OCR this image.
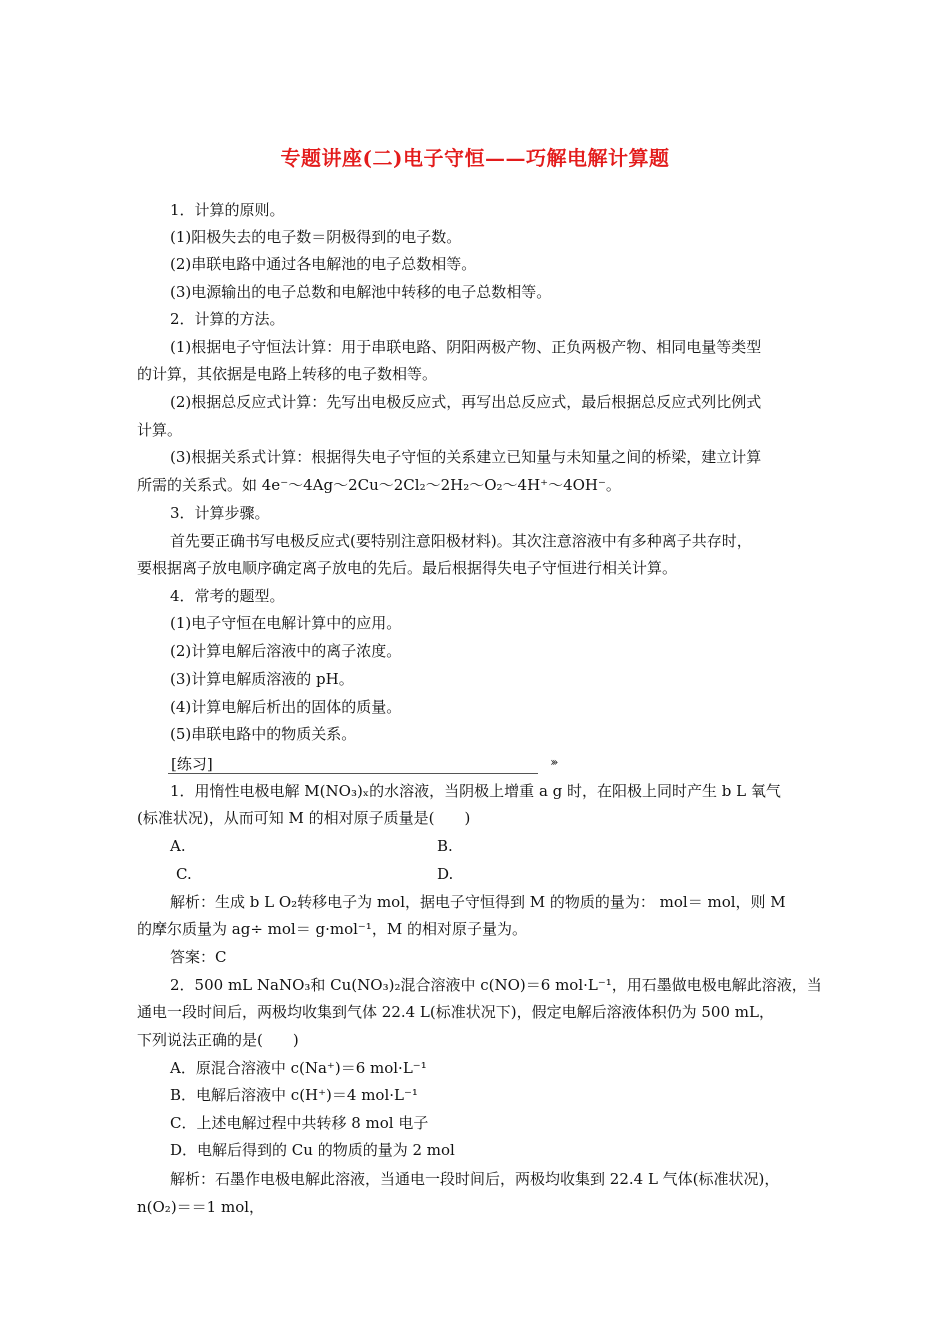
专题讲座(二)电子守恒——巧解电解计算题
1．计算的原则。
(1)阳极失去的电子数＝阴极得到的电子数。
(2)串联电路中通过各电解池的电子总数相等。
(3)电源输出的电子总数和电解池中转移的电子总数相等。
2．计算的方法。
(1)根据电子守恒法计算：用于串联电路、阴阳两极产物、正负两极产物、相同电量等类型
的计算，其依据是电路上转移的电子数相等。
(2)根据总反应式计算：先写出电极反应式，再写出总反应式，最后根据总反应式列比例式
计算。
(3)根据关系式计算：根据得失电子守恒的关系建立已知量与未知量之间的桥梁，建立计算
所需的关系式。如 4e⁻～4Ag～2Cu～2Cl₂～2H₂～O₂～4H⁺～4OH⁻。
3．计算步骤。
首先要正确书写电极反应式(要特别注意阳极材料)。其次注意溶液中有多种离子共存时，
要根据离子放电顺序确定离子放电的先后。最后根据得失电子守恒进行相关计算。
4．常考的题型。
(1)电子守恒在电解计算中的应用。
(2)计算电解后溶液中的离子浓度。
(3)计算电解质溶液的 pH。
(4)计算电解后析出的固体的质量。
(5)串联电路中的物质关系。
[练习]	›››
1．用惰性电极电解 M(NO₃)ₓ的水溶液，当阴极上增重 a g 时，在阳极上同时产生 b L 氧气
(标准状况)，从而可知 M 的相对原子质量是(　　)
A.	B.
C.	D.
解析：生成 b L O₂转移电子为 mol，据电子守恒得到 M 的物质的量为： mol＝ mol，则 M
的摩尔质量为 ag÷ mol＝ g·mol⁻¹，M 的相对原子量为。
答案：C
2．500 mL NaNO₃和 Cu(NO₃)₂混合溶液中 c(NO)＝6 mol·L⁻¹，用石墨做电极电解此溶液，当
通电一段时间后，两极均收集到气体 22.4 L(标准状况下)，假定电解后溶液体积仍为 500 mL，
下列说法正确的是(　　)
A．原混合溶液中 c(Na⁺)＝6 mol·L⁻¹
B．电解后溶液中 c(H⁺)＝4 mol·L⁻¹
C．上述电解过程中共转移 8 mol 电子
D．电解后得到的 Cu 的物质的量为 2 mol
解析：石墨作电极电解此溶液，当通电一段时间后，两极均收集到 22.4 L 气体(标准状况)，
n(O₂)＝＝1 mol，
